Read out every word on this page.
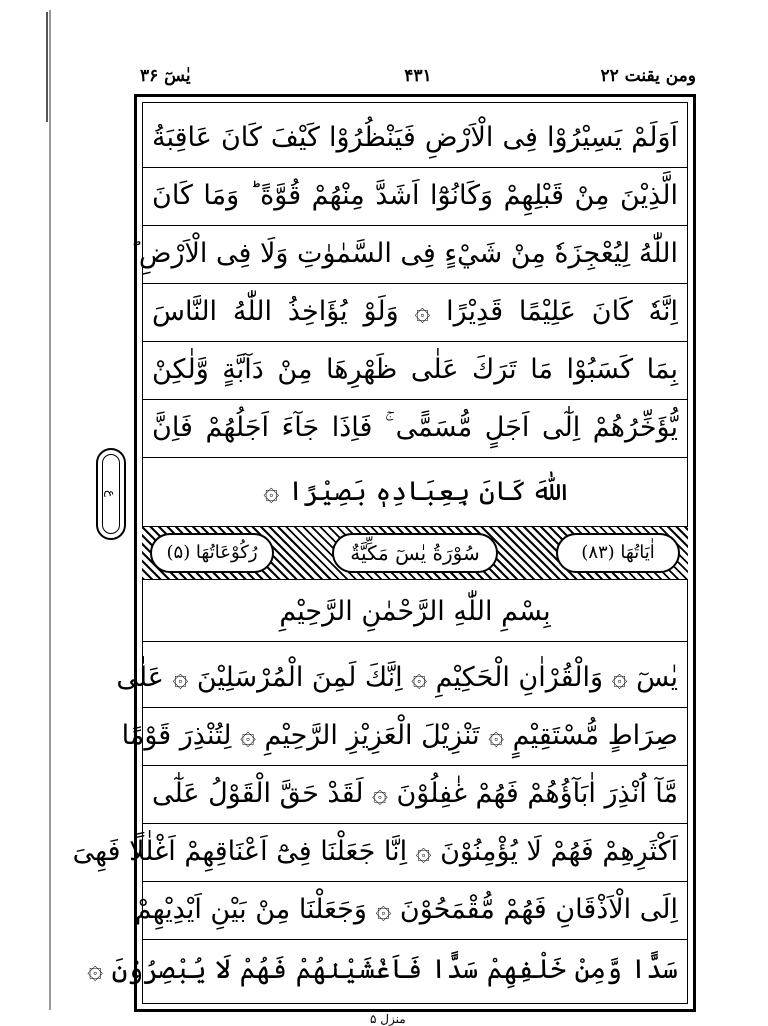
ومن یقنت ۲۲
۴۳۱
یٰسٓ ۳۶
اَوَلَمْ يَسِيْرُوْا فِى الْاَرْضِ فَيَنْظُرُوْا كَيْفَ كَانَ عَاقِبَةُ
الَّذِيْنَ مِنْ قَبْلِهِمْ وَكَانُوْٓا اَشَدَّ مِنْهُمْ قُوَّةً ؕ وَمَا كَانَ
اللّٰهُ لِيُعْجِزَهٗ مِنْ شَيْءٍ فِى السَّمٰوٰتِ وَلَا فِى الْاَرْضِ ؕ
اِنَّهٗ كَانَ عَلِيْمًا قَدِيْرًا ۞ وَلَوْ يُؤَاخِذُ اللّٰهُ النَّاسَ
بِمَا كَسَبُوْا مَا تَرَكَ عَلٰى ظَهْرِهَا مِنْ دَآبَّةٍ وَّلٰكِنْ
يُّؤَخِّرُهُمْ اِلٰٓى اَجَلٍ مُّسَمًّى ۚ فَاِذَا جَآءَ اَجَلُهُمْ فَاِنَّ
اللّٰهَ كَانَ بِعِبَادِهٖ بَصِيْرًا ۞
اٰيَاتُهَا (۸۳)
سُوْرَةُ يٰسٓ مَكِّيَّةٌ
رُكُوْعَاتُهَا (۵)
بِسْمِ اللّٰهِ الرَّحْمٰنِ الرَّحِيْمِ
يٰسٓ ۞ وَالْقُرْاٰنِ الْحَكِيْمِ ۞ اِنَّكَ لَمِنَ الْمُرْسَلِيْنَ ۞ عَلٰى
صِرَاطٍ مُّسْتَقِيْمٍ ۞ تَنْزِيْلَ الْعَزِيْزِ الرَّحِيْمِ ۞ لِتُنْذِرَ قَوْمًا
مَّآ اُنْذِرَ اٰبَآؤُهُمْ فَهُمْ غٰفِلُوْنَ ۞ لَقَدْ حَقَّ الْقَوْلُ عَلٰٓى
اَكْثَرِهِمْ فَهُمْ لَا يُؤْمِنُوْنَ ۞ اِنَّا جَعَلْنَا فِىْٓ اَعْنَاقِهِمْ اَغْلٰلًا فَهِىَ
اِلَى الْاَذْقَانِ فَهُمْ مُّقْمَحُوْنَ ۞ وَجَعَلْنَا مِنْ بَيْنِ اَيْدِيْهِمْ
سَدًّا وَّمِنْ خَلْفِهِمْ سَدًّا فَاَغْشَيْنٰهُمْ فَهُمْ لَا يُبْصِرُوْنَ ۞
ع
منزل ۵
